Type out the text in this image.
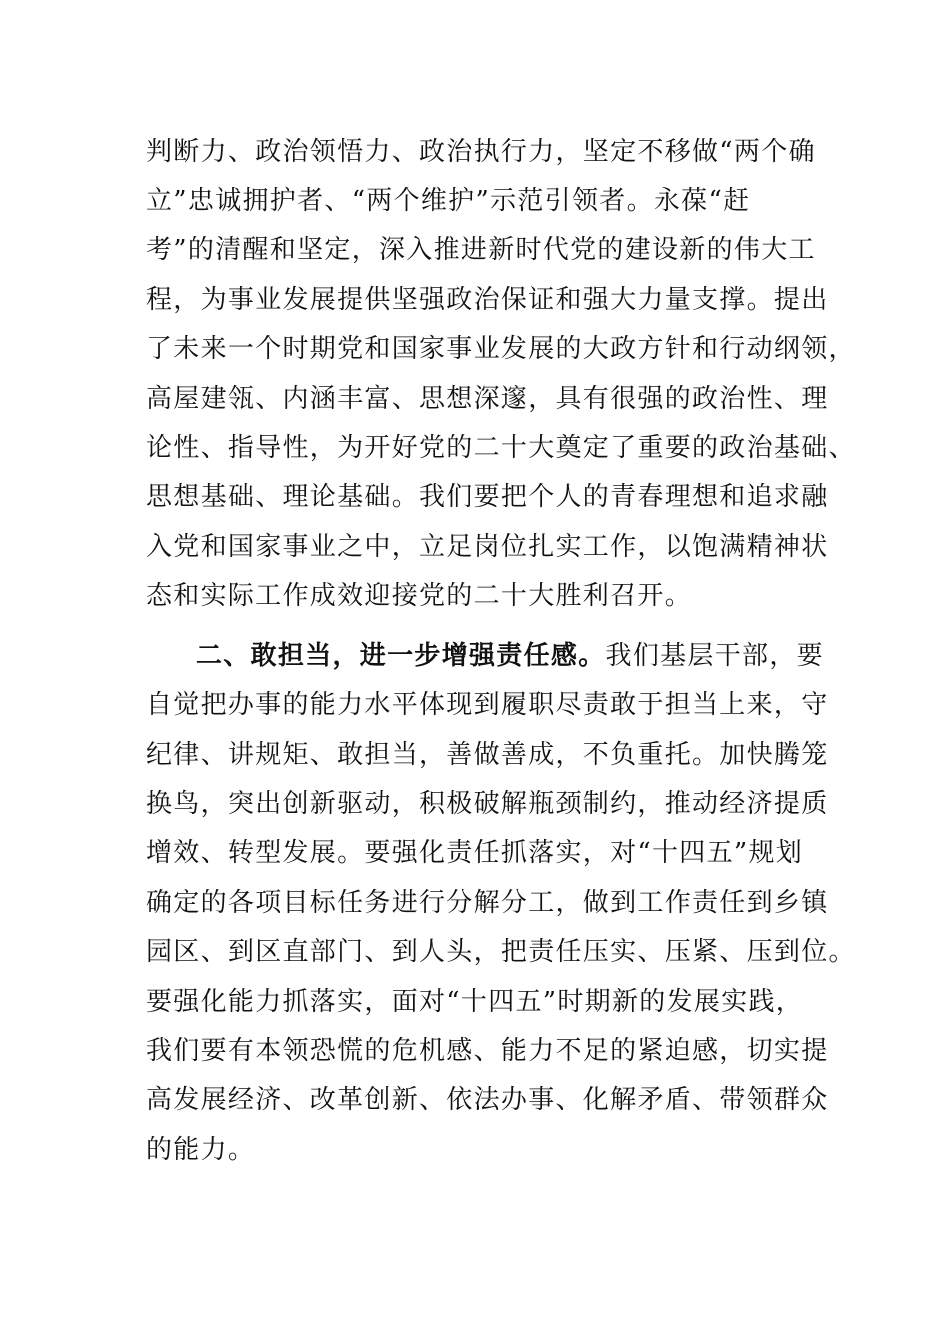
判断力、政治领悟力、政治执行力，坚定不移做“两个确
立”忠诚拥护者、“两个维护”示范引领者。永葆“赶
考”的清醒和坚定，深入推进新时代党的建设新的伟大工
程，为事业发展提供坚强政治保证和强大力量支撑。提出
了未来一个时期党和国家事业发展的大政方针和行动纲领，
高屋建瓴、内涵丰富、思想深邃，具有很强的政治性、理
论性、指导性，为开好党的二十大奠定了重要的政治基础、
思想基础、理论基础。我们要把个人的青春理想和追求融
入党和国家事业之中，立足岗位扎实工作，以饱满精神状
态和实际工作成效迎接党的二十大胜利召开。
二、敢担当，进一步增强责任感。我们基层干部，要
自觉把办事的能力水平体现到履职尽责敢于担当上来，守
纪律、讲规矩、敢担当，善做善成，不负重托。加快腾笼
换鸟，突出创新驱动，积极破解瓶颈制约，推动经济提质
增效、转型发展。要强化责任抓落实，对“十四五”规划
确定的各项目标任务进行分解分工，做到工作责任到乡镇
园区、到区直部门、到人头，把责任压实、压紧、压到位。
要强化能力抓落实，面对“十四五”时期新的发展实践，
我们要有本领恐慌的危机感、能力不足的紧迫感，切实提
高发展经济、改革创新、依法办事、化解矛盾、带领群众
的能力。
